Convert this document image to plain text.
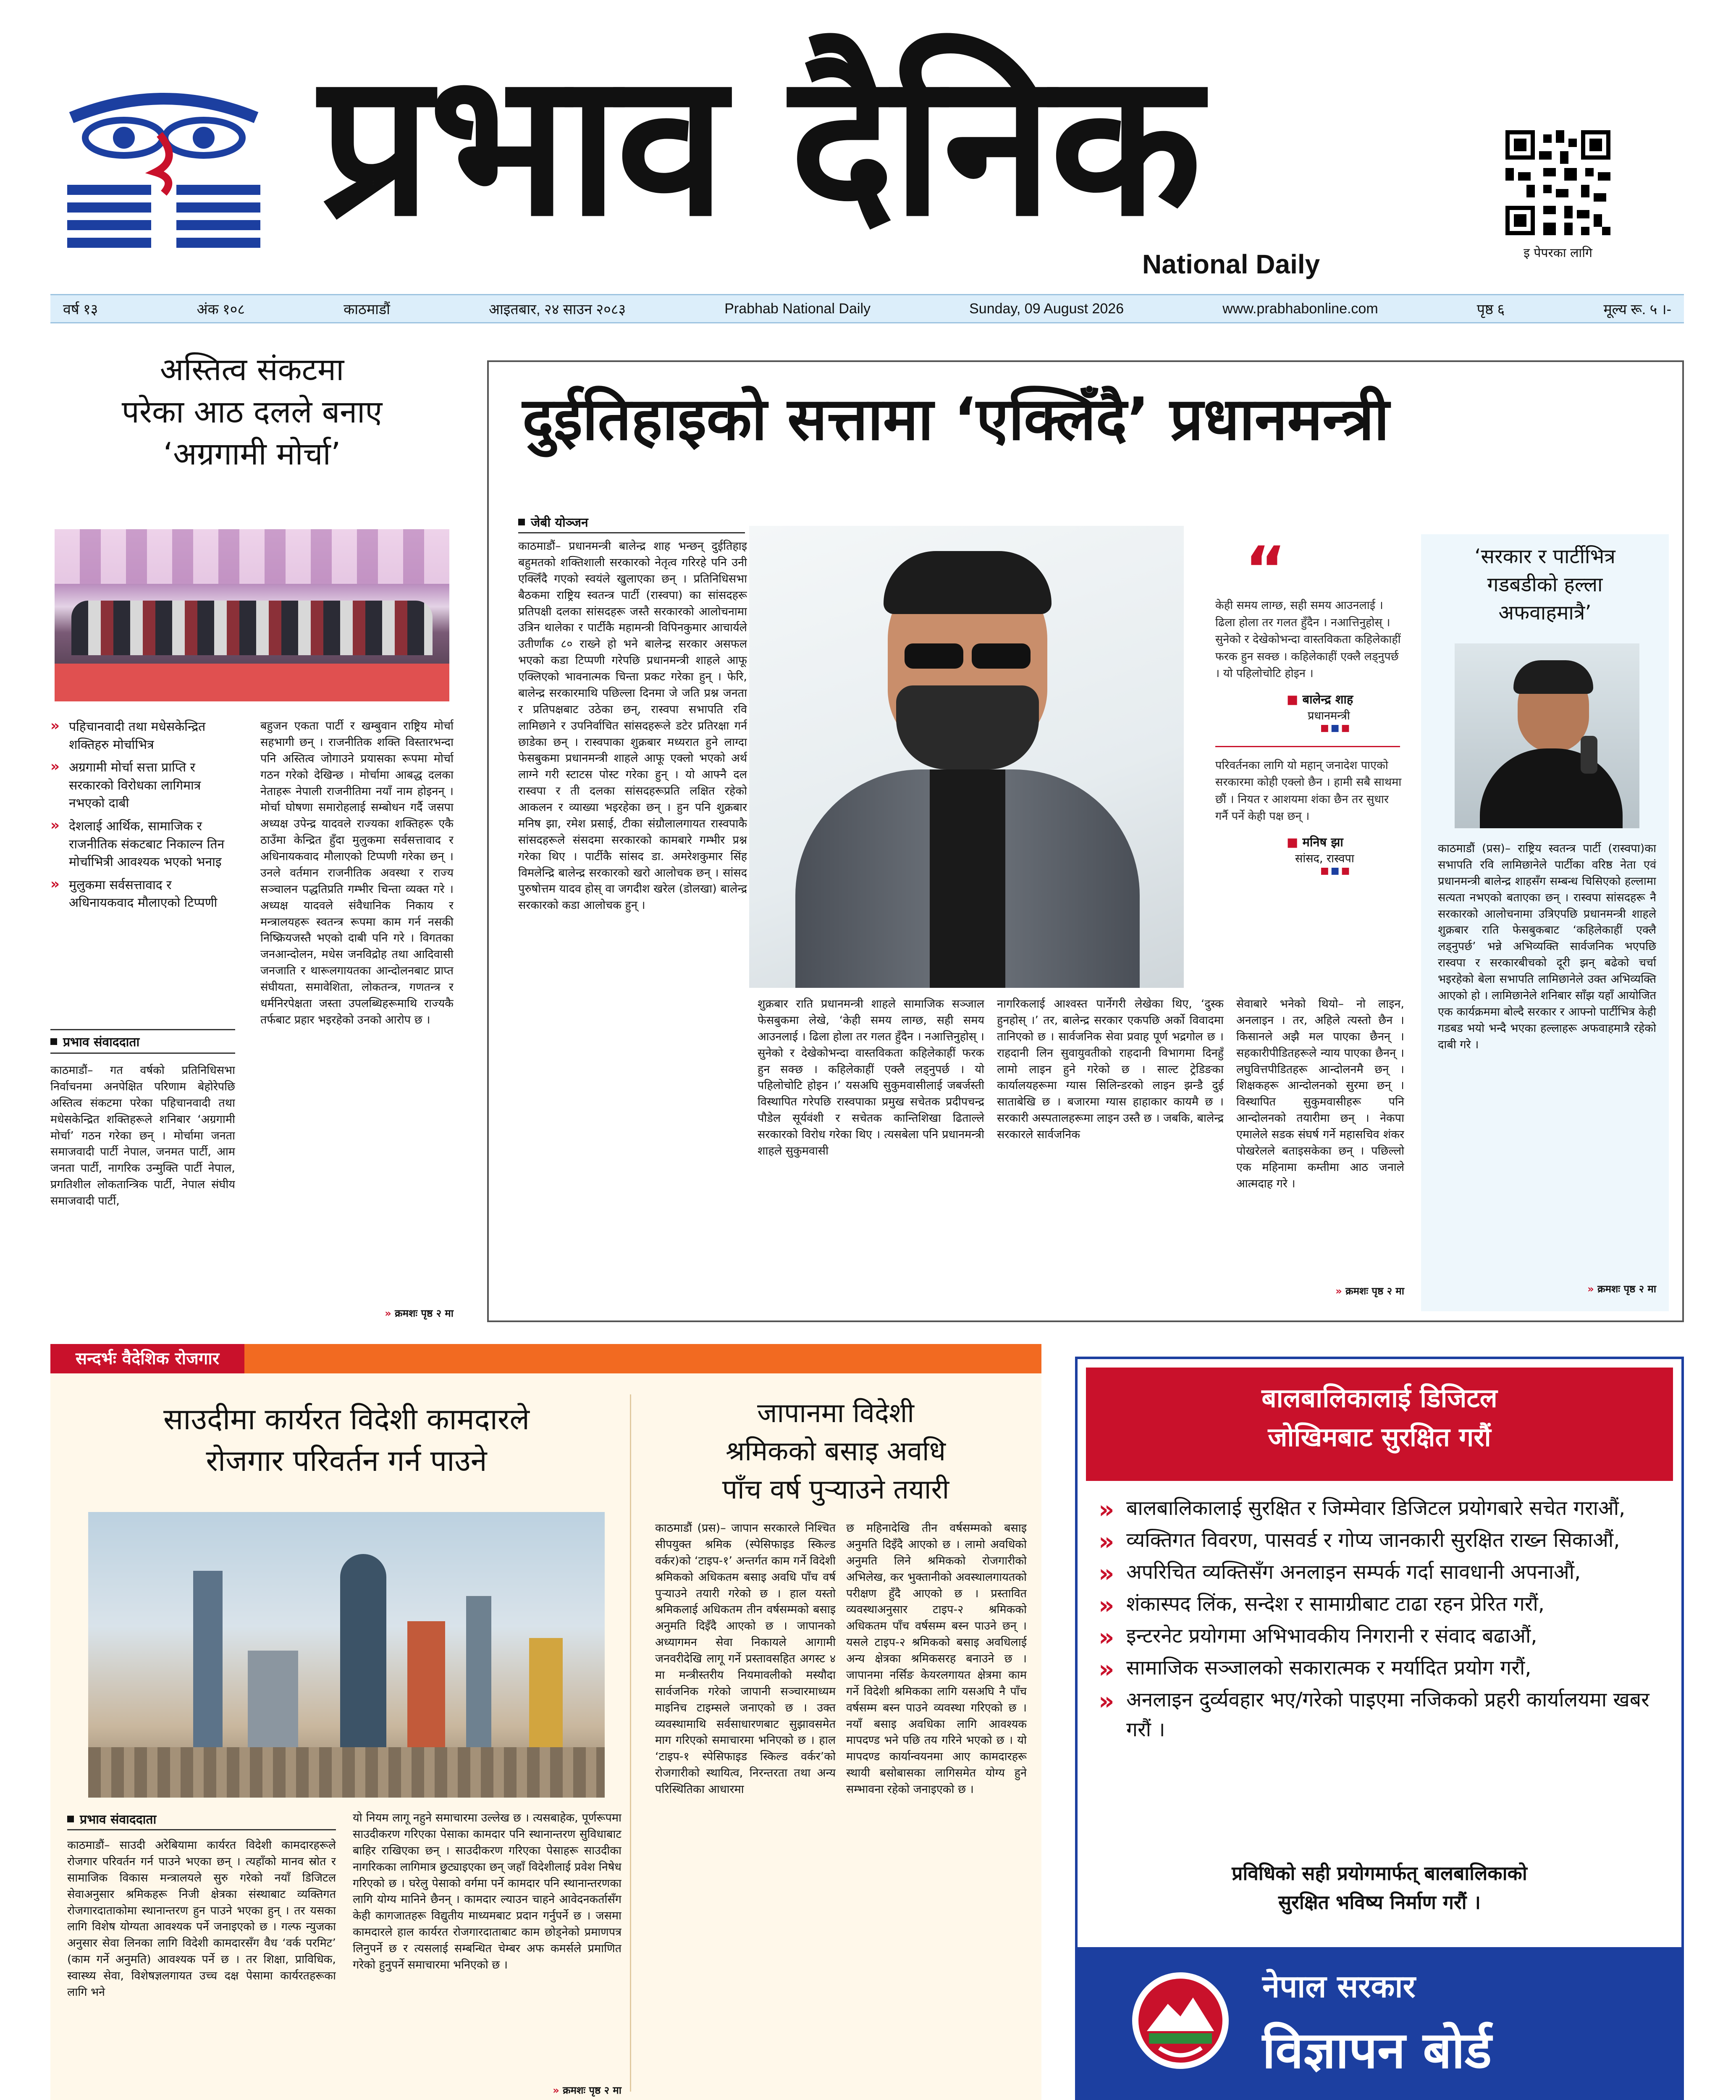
प्रभाव दैनिक
National Daily	इ पेपरका लागि
वर्ष १३	अंक १०८	काठमाडौं	आइतबार, २४ साउन २०८३	Prabhab National Daily	Sunday, 09 August 2026	www.prabhabonline.com	पृष्ठ ६	मूल्य रू. ५ ।-
अस्तित्व संकटमा
परेका आठ दलले बनाए
‘अग्रगामी मोर्चा’
» पहिचानवादी तथा मधेसकेन्द्रित शक्तिहरु मोर्चाभित्र
» अग्रगामी मोर्चा सत्ता प्राप्ति र सरकारको विरोधका लागिमात्र नभएको दाबी
» देशलाई आर्थिक, सामाजिक र राजनीतिक संकटबाट निकाल्न तिन मोर्चाभित्री आवश्यक भएको भनाइ
» मुलुकमा सर्वसत्तावाद र अधिनायकवाद मौलाएको टिप्पणी
प्रभाव संवाददाता
काठमाडौं– गत वर्षको प्रतिनिधिसभा निर्वाचनमा अनपेक्षित परिणाम बेहोरेपछि अस्तित्व संकटमा परेका पहिचानवादी तथा मधेसकेन्द्रित शक्तिहरूले शनिबार ‘अग्रगामी मोर्चा’ गठन गरेका छन् । मोर्चामा जनता समाजवादी पार्टी नेपाल, जनमत पार्टी, आम जनता पार्टी, नागरिक उन्मुक्ति पार्टी नेपाल, प्रगतिशील लोकतान्त्रिक पार्टी, नेपाल संघीय समाजवादी पार्टी,
बहुजन एकता पार्टी र खम्बुवान राष्ट्रिय मोर्चा सहभागी छन् । राजनीतिक शक्ति विस्तारभन्दा पनि अस्तित्व जोगाउने प्रयासका रूपमा मोर्चा गठन गरेको देखिन्छ । मोर्चामा आबद्ध दलका नेताहरू नेपाली राजनीतिमा नयाँ नाम होइनन् । मोर्चा घोषणा समारोहलाई सम्बोधन गर्दै जसपा अध्यक्ष उपेन्द्र यादवले राज्यका शक्तिहरू एकै ठाउँमा केन्द्रित हुँदा मुलुकमा सर्वसत्तावाद र अधिनायकवाद मौलाएको टिप्पणी गरेका छन् । उनले वर्तमान राजनीतिक अवस्था र राज्य सञ्चालन पद्धतिप्रति गम्भीर चिन्ता व्यक्त गरे । अध्यक्ष यादवले संवैधानिक निकाय र मन्त्रालयहरू स्वतन्त्र रूपमा काम गर्न नसकी निष्क्रियजस्तै भएको दाबी पनि गरे । विगतका जनआन्दोलन, मधेस जनविद्रोह तथा आदिवासी जनजाति र थारूलगायतका आन्दोलनबाट प्राप्त संघीयता, समावेशिता, लोकतन्त्र, गणतन्त्र र धर्मनिरपेक्षता जस्ता उपलब्धिहरूमाथि राज्यकै तर्फबाट प्रहार भइरहेको उनको आरोप छ ।
» क्रमशः पृष्ठ २ मा
दुईतिहाइको सत्तामा ‘एक्लिँदै’ प्रधानमन्त्री
जेबी योञ्जन
काठमाडौं– प्रधानमन्त्री बालेन्द्र शाह भन्छन् दुईतिहाइ बहुमतको शक्तिशाली सरकारको नेतृत्व गरिरहे पनि उनी एक्लिँदै गएको स्वयंले खुलाएका छन् । प्रतिनिधिसभा बैठकमा राष्ट्रिय स्वतन्त्र पार्टी (रास्वपा) का सांसदहरू प्रतिपक्षी दलका सांसदहरू जस्तै सरकारको आलोचनामा उत्रिन थालेका र पार्टीकै महामन्त्री विपिनकुमार आचार्यले उतीर्णांक ८० राख्ने हो भने बालेन्द्र सरकार असफल भएको कडा टिप्पणी गरेपछि प्रधानमन्त्री शाहले आफू एक्लिएको भावनात्मक चिन्ता प्रकट गरेका हुन् । फेरि, बालेन्द्र सरकारमाथि पछिल्ला दिनमा जे जति प्रश्न जनता र प्रतिपक्षबाट उठेका छन्, रास्वपा सभापति रवि लामिछाने र उपनिर्वाचित सांसदहरूले डटेर प्रतिरक्षा गर्न छाडेका छन् । रास्वपाका शुक्रबार मध्यरात हुने लाग्दा फेसबुकमा प्रधानमन्त्री शाहले आफू एक्लो भएको अर्थ लाग्ने गरी स्टाटस पोस्ट गरेका हुन् । यो आफ्नै दल रास्वपा र ती दलका सांसदहरूप्रति लक्षित रहेको आकलन र व्याख्या भइरहेका छन् । हुन पनि शुक्रबार मनिष झा, रमेश प्रसाई, टीका संग्रौलालगायत रास्वपाकै सांसदहरूले संसदमा सरकारको कामबारे गम्भीर प्रश्न गरेका थिए । पार्टीकै सांसद डा. अमरेशकुमार सिंह विमलेन्द्रि बालेन्द्र सरकारको खरो आलोचक छन् । सांसद पुरुषोत्तम यादव होस् वा जगदीश खरेल (डोलखा) बालेन्द्र सरकारको कडा आलोचक हुन् ।
“
केही समय लाग्छ, सही समय आउनलाई । ढिला होला तर गलत हुँदैन । नआत्तिनुहोस् । सुनेको र देखेकोभन्दा वास्तविकता कहिलेकाहीं फरक हुन सक्छ । कहिलेकाहीं एक्लै लड्नुपर्छ । यो पहिलोचोटि होइन ।
■ बालेन्द्र शाह
प्रधानमन्त्री
■■■
परिवर्तनका लागि यो महान् जनादेश पाएको सरकारमा कोही एक्लो छैन । हामी सबै साथमा छौं । नियत र आशयमा शंका छैन तर सुधार गर्नै पर्ने केही पक्ष छन् ।
■ मनिष झा
सांसद, रास्वपा
■■■
शुक्रबार राति प्रधानमन्त्री शाहले सामाजिक सञ्जाल फेसबुकमा लेखे, ‘केही समय लाग्छ, सही समय आउनलाई । ढिला होला तर गलत हुँदैन । नआत्तिनुहोस् । सुनेको र देखेकोभन्दा वास्तविकता कहिलेकाहीं फरक हुन सक्छ । कहिलेकाहीं एक्लै लड्नुपर्छ । यो पहिलोचोटि होइन ।’ यसअघि सुकुमवासीलाई जबर्जस्ती विस्थापित गरेपछि रास्वपाका प्रमुख सचेतक प्रदीपचन्द्र पौडेल सूर्यवंशी र सचेतक कान्तिशिखा ढिताल्ले सरकारको विरोध गरेका थिए । त्यसबेला पनि प्रधानमन्त्री शाहले सुकुमवासी
नागरिकलाई आश्वस्त पार्नेगरी लेखेका थिए, ‘दुस्क हुनहोस् ।’ तर, बालेन्द्र सरकार एकपछि अर्को विवादमा तानिएको छ । सार्वजनिक सेवा प्रवाह पूर्ण भद्रगोल छ । राहदानी लिन सुवायुवतीको राहदानी विभागमा दिनहुँ लामो लाइन हुने गरेको छ । साल्ट ट्रेडिङका कार्यालयहरूमा ग्यास सिलिन्डरको लाइन झन्डै दुई साताबेखि छ । बजारमा ग्यास हाहाकार कायमै छ । सरकारी अस्पतालहरूमा लाइन उस्तै छ । जबकि, बालेन्द्र सरकारले सार्वजनिक
सेवाबारे भनेको थियो– नो लाइन, अनलाइन । तर, अहिले त्यस्तो छैन । किसानले अझै मल पाएका छैनन् । सहकारीपीडितहरूले न्याय पाएका छैनन् । लघुवित्तपीडितहरू आन्दोलनमै छन् । शिक्षकहरू आन्दोलनको सुरमा छन् । विस्थापित सुकुमवासीहरू पनि आन्दोलनको तयारीमा छन् । नेकपा एमालेले सडक संघर्ष गर्ने महासचिव शंकर पोखरेलले बताइसकेका छन् । पछिल्लो एक महिनामा कम्तीमा आठ जनाले आत्मदाह गरे ।
» क्रमशः पृष्ठ २ मा
‘सरकार र पार्टीभित्र
गडबडीको हल्ला
अफवाहमात्रै’
काठमाडौं (प्रस)– राष्ट्रिय स्वतन्त्र पार्टी (रास्वपा)का सभापति रवि लामिछानेले पार्टीका वरिष्ठ नेता एवं प्रधानमन्त्री बालेन्द्र शाहसँग सम्बन्ध चिसिएको हल्लामा सत्यता नभएको बताएका छन् । रास्वपा सांसदहरू नै सरकारको आलोचनामा उत्रिएपछि प्रधानमन्त्री शाहले शुक्रबार राति फेसबुकबाट ‘कहिलेकाहीं एक्लै लड्नुपर्छ’ भन्ने अभिव्यक्ति सार्वजनिक भएपछि रास्वपा र सरकारबीचको दूरी झन् बढेको चर्चा भइरहेको बेला सभापति लामिछानेले उक्त अभिव्यक्ति आएको हो । लामिछानेले शनिबार साँझ यहाँ आयोजित एक कार्यक्रममा बोल्दै सरकार र आफ्नो पार्टीभित्र केही गडबड भयो भन्दै भएका हल्लाहरू अफवाहमात्रै रहेको दाबी गरे ।
» क्रमशः पृष्ठ २ मा
सन्दर्भः वैदेशिक रोजगार
साउदीमा कार्यरत विदेशी कामदारले
रोजगार परिवर्तन गर्न पाउने
प्रभाव संवाददाता
काठमाडौं– साउदी अरेबियामा कार्यरत विदेशी कामदारहरूले रोजगार परिवर्तन गर्न पाउने भएका छन् । त्यहाँको मानव स्रोत र सामाजिक विकास मन्त्रालयले सुरु गरेको नयाँ डिजिटल सेवाअनुसार श्रमिकहरू निजी क्षेत्रका संस्थाबाट व्यक्तिगत रोजगारदाताकोमा स्थानान्तरण हुन पाउने भएका हुन् । तर यसका लागि विशेष योग्यता आवश्यक पर्ने जनाइएको छ । गल्फ न्युजका अनुसार सेवा लिनका लागि विदेशी कामदारसँग वैध ‘वर्क परमिट’ (काम गर्ने अनुमति) आवश्यक पर्ने छ । तर शिक्षा, प्राविधिक, स्वास्थ्य सेवा, विशेषज्ञलगायत उच्च दक्ष पेसामा कार्यरतहरूका लागि भने
यो नियम लागू नहुने समाचारमा उल्लेख छ । त्यसबाहेक, पूर्णरूपमा साउदीकरण गरिएका पेसाका कामदार पनि स्थानान्तरण सुविधाबाट बाहिर राखिएका छन् । साउदीकरण गरिएका पेसाहरू साउदीका नागरिकका लागिमात्र छुट्याइएका छन् जहाँ विदेशीलाई प्रवेश निषेध गरिएको छ । घरेलु पेसाको वर्गमा पर्ने कामदार पनि स्थानान्तरणका लागि योग्य मानिने छैनन् । कामदार ल्याउन चाहने आवेदनकर्तासँग केही कागजातहरू विद्युतीय माध्यमबाट प्रदान गर्नुपर्ने छ । जसमा कामदारले हाल कार्यरत रोजगारदाताबाट काम छोड्नेको प्रमाणपत्र लिनुपर्ने छ र त्यसलाई सम्बन्धित चेम्बर अफ कमर्सले प्रमाणित गरेको हुनुपर्ने समाचारमा भनिएको छ ।
» क्रमशः पृष्ठ २ मा
जापानमा विदेशी
श्रमिकको बसाइ अवधि
पाँच वर्ष पुऱ्याउने तयारी
काठमाडौं (प्रस)– जापान सरकारले निश्चित सीपयुक्त श्रमिक (स्पेसिफाइड स्किल्ड वर्कर)को ‘टाइप-१’ अन्तर्गत काम गर्ने विदेशी श्रमिकको अधिकतम बसाइ अवधि पाँच वर्ष पुऱ्याउने तयारी गरेको छ । हाल यस्तो श्रमिकलाई अधिकतम तीन वर्षसम्मको बसाइ अनुमति दिइँदै आएको छ । जापानको अध्यागमन सेवा निकायले आगामी जनवरीदेखि लागू गर्ने प्रस्तावसहित अगस्ट ४ मा मन्त्रीस्तरीय नियमावलीको मस्यौदा सार्वजनिक गरेको जापानी सञ्चारमाध्यम माइनिच टाइम्सले जनाएको छ । उक्त व्यवस्थामाथि सर्वसाधारणबाट सुझावसमेत माग गरिएको समाचारमा भनिएको छ । हाल ‘टाइप-१ स्पेसिफाइड स्किल्ड वर्कर’को रोजगारीको स्थायित्व, निरन्तरता तथा अन्य परिस्थितिका आधारमा
छ महिनादेखि तीन वर्षसम्मको बसाइ अनुमति दिइँदै आएको छ । लामो अवधिको अनुमति लिने श्रमिकको रोजगारीको अभिलेख, कर भुक्तानीको अवस्थालगायतको परीक्षण हुँदै आएको छ । प्रस्तावित व्यवस्थाअनुसार टाइप-२ श्रमिकको अधिकतम पाँच वर्षसम्म बस्न पाउने छन् । यसले टाइप-२ श्रमिकको बसाइ अवधिलाई अन्य क्षेत्रका श्रमिकसरह बनाउने छ । जापानमा नर्सिङ केयरलगायत क्षेत्रमा काम गर्ने विदेशी श्रमिकका लागि यसअघि नै पाँच वर्षसम्म बस्न पाउने व्यवस्था गरिएको छ । नयाँ बसाइ अवधिका लागि आवश्यक मापदण्ड भने पछि तय गरिने भएको छ । यो मापदण्ड कार्यान्वयनमा आए कामदारहरू स्थायी बसोबासका लागिसमेत योग्य हुने सम्भावना रहेको जनाइएको छ ।
बालबालिकालाई डिजिटल
जोखिमबाट सुरक्षित गरौं
» बालबालिकालाई सुरक्षित र जिम्मेवार डिजिटल प्रयोगबारे सचेत गराऔं,
» व्यक्तिगत विवरण, पासवर्ड र गोप्य जानकारी सुरक्षित राख्न सिकाऔं,
» अपरिचित व्यक्तिसँग अनलाइन सम्पर्क गर्दा सावधानी अपनाऔं,
» शंकास्पद लिंक, सन्देश र सामाग्रीबाट टाढा रहन प्रेरित गरौं,
» इन्टरनेट प्रयोगमा अभिभावकीय निगरानी र संवाद बढाऔं,
» सामाजिक सञ्जालको सकारात्मक र मर्यादित प्रयोग गरौं,
» अनलाइन दुर्व्यवहार भए/गरेको पाइएमा नजिकको प्रहरी कार्यालयमा खबर गरौं ।
प्रविधिको सही प्रयोगमार्फत् बालबालिकाको
सुरक्षित भविष्य निर्माण गरौं ।
नेपाल सरकार
विज्ञापन बोर्ड
